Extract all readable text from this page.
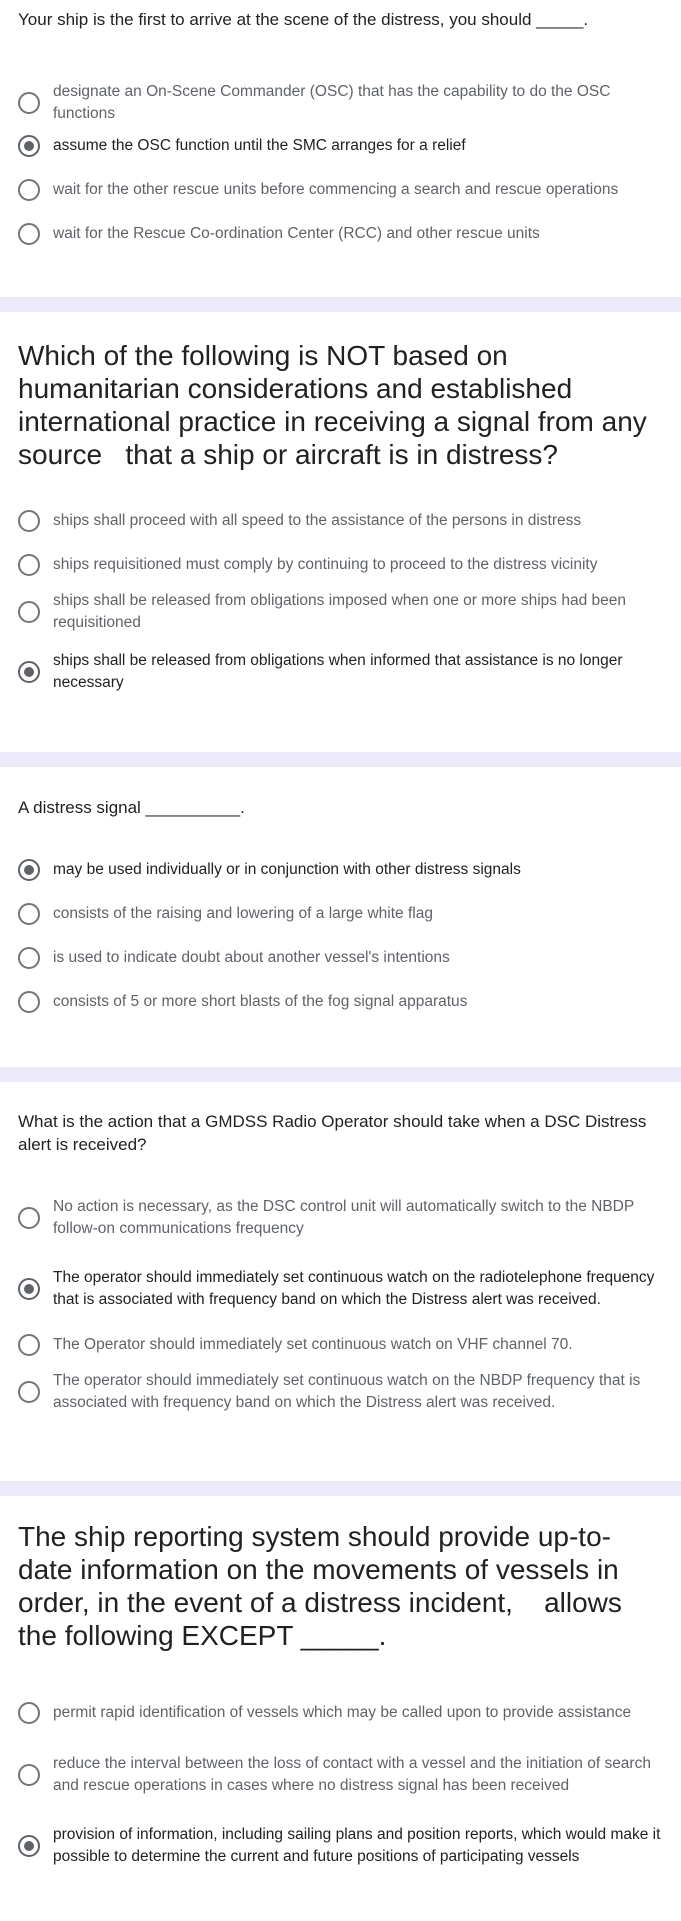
Your ship is the first to arrive at the scene of the distress, you should _____.
designate an On-Scene Commander (OSC) that has the capability to do the OSC functions
assume the OSC function until the SMC arranges for a relief
wait for the other rescue units before commencing a search and rescue operations
wait for the Rescue Co-ordination Center (RCC) and other rescue units
Which of the following is NOT based on humanitarian considerations and established international practice in receiving a signal from any source   that a ship or aircraft is in distress?
ships shall proceed with all speed to the assistance of the persons in distress
ships requisitioned must comply by continuing to proceed to the distress vicinity
ships shall be released from obligations imposed when one or more ships had been requisitioned
ships shall be released from obligations when informed that assistance is no longer necessary
A distress signal __________.
may be used individually or in conjunction with other distress signals
consists of the raising and lowering of a large white flag
is used to indicate doubt about another vessel's intentions
consists of 5 or more short blasts of the fog signal apparatus
What is the action that a GMDSS Radio Operator should take when a DSC Distress alert is received?
No action is necessary, as the DSC control unit will automatically switch to the NBDP follow-on communications frequency
The operator should immediately set continuous watch on the radiotelephone frequency that is associated with frequency band on which the Distress alert was received.
The Operator should immediately set continuous watch on VHF channel 70.
The operator should immediately set continuous watch on the NBDP frequency that is associated with frequency band on which the Distress alert was received.
The ship reporting system should provide up-to-date information on the movements of vessels in order, in the event of a distress incident,    allows the following EXCEPT _____.
permit rapid identification of vessels which may be called upon to provide assistance
reduce the interval between the loss of contact with a vessel and the initiation of search and rescue operations in cases where no distress signal has been received
provision of information, including sailing plans and position reports, which would make it possible to determine the current and future positions of participating vessels
